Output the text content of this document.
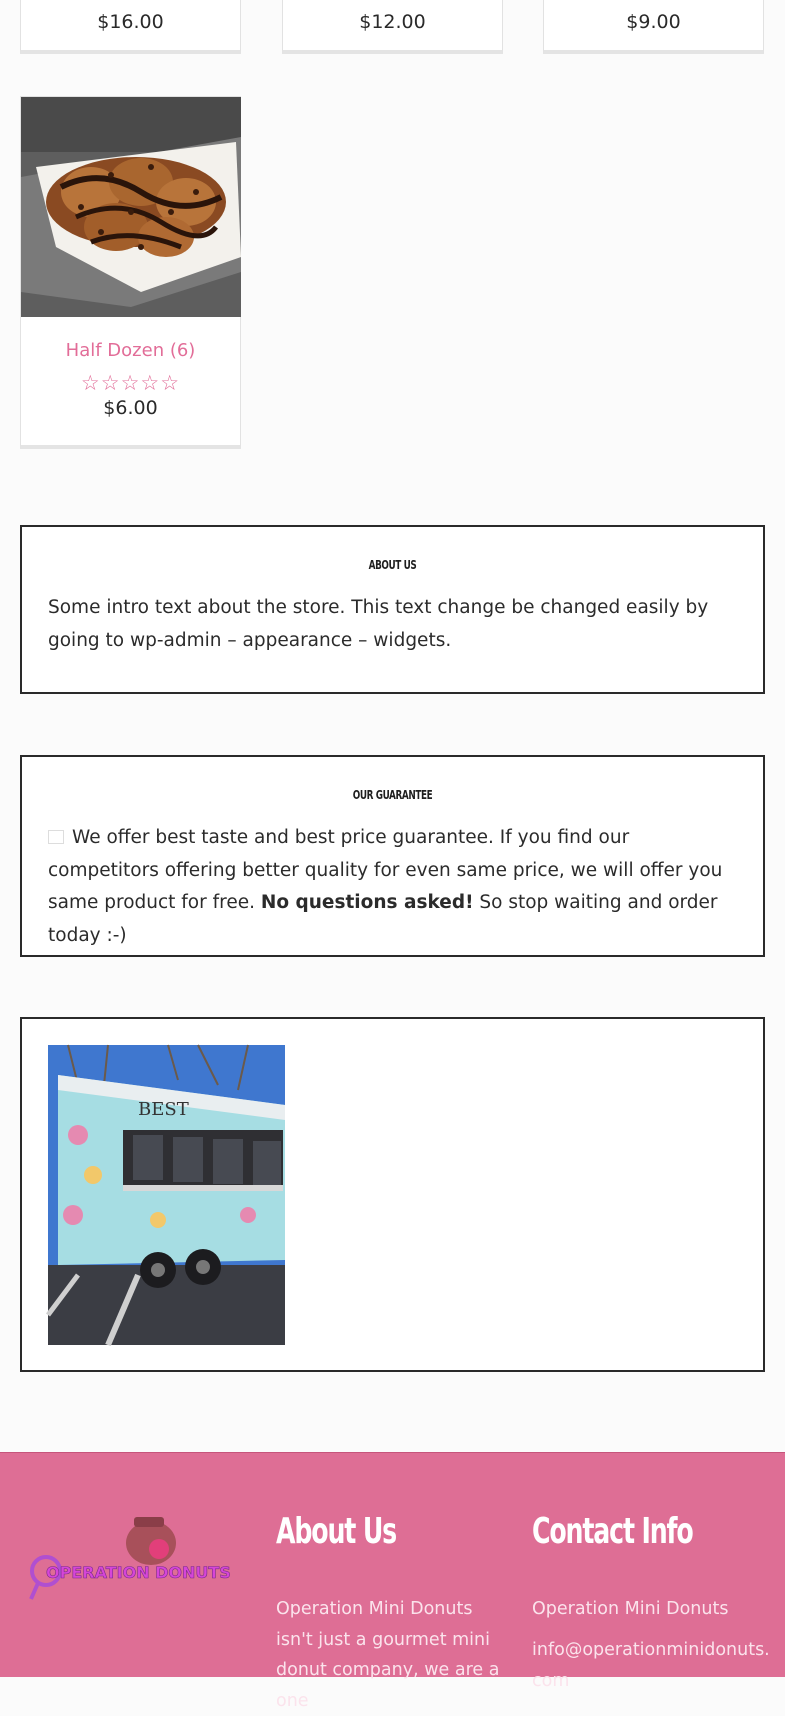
$16.00	$12.00	$9.00
Half Dozen (6)
☆☆☆☆☆
$6.00
ABOUT US
Some intro text about the store. This text change be changed easily by going to wp-admin – appearance – widgets.
OUR GUARANTEE
We offer best taste and best price guarantee. If you find our competitors offering better quality for even same price, we will offer you same product for free. No questions asked! So stop waiting and order today :-)
BEST
OPERATION DONUTS
About Us
Operation Mini Donuts isn't just a gourmet mini donut company, we are a one
Contact Info
Operation Mini Donuts
info@operationminidonuts.com
